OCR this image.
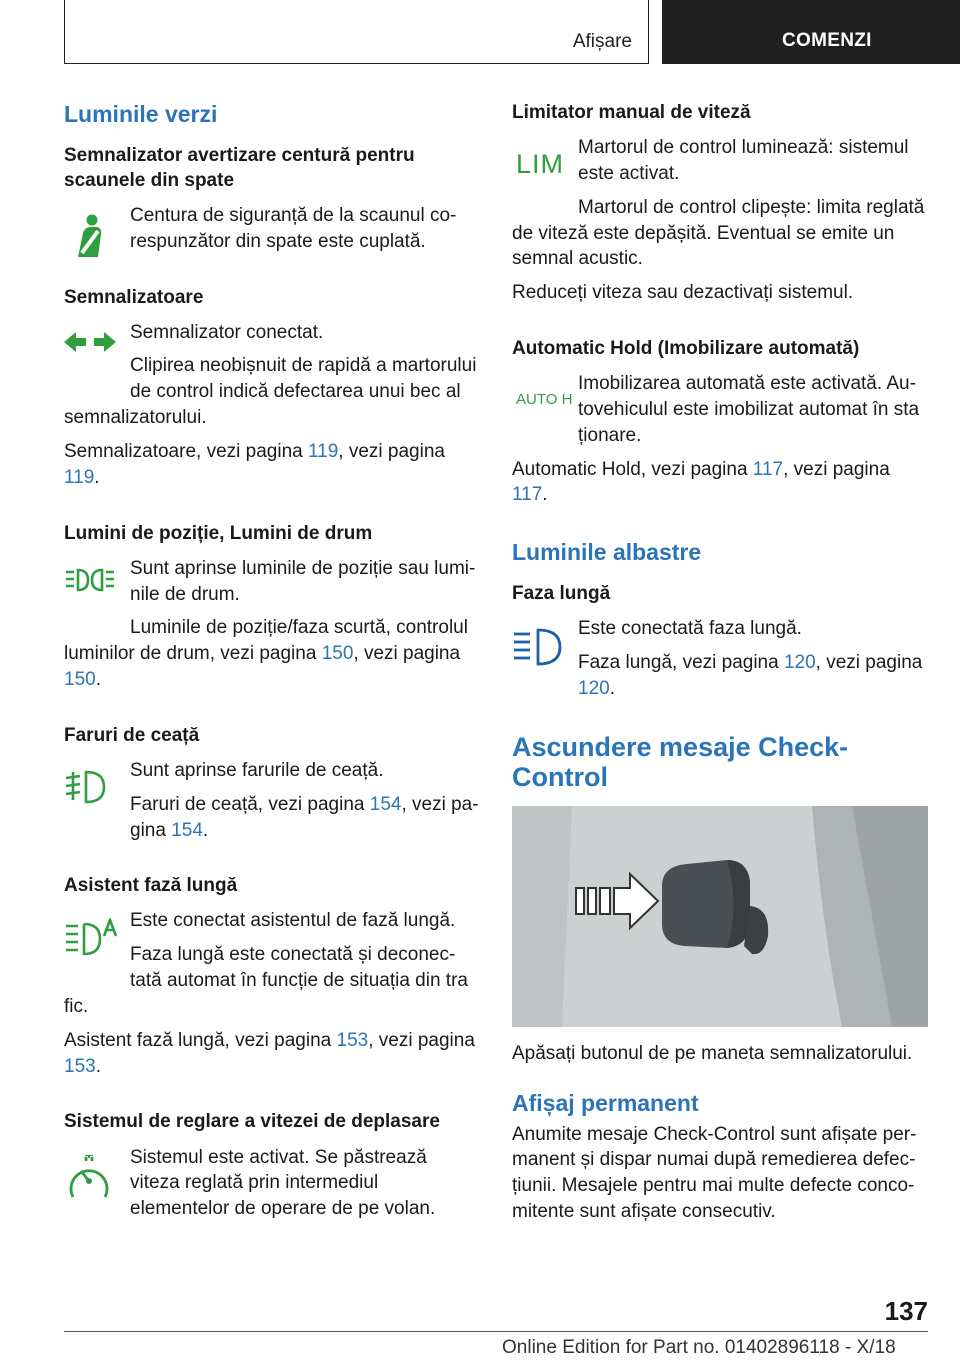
Afișare	COMENZI
Luminile verzi
Semnalizator avertizare centură pentru scaunele din spate
Centura de siguranță de la scaunul corespunzător din spate este cuplată.
Semnalizatoare
Semnalizator conectat.
Clipirea neobișnuit de rapidă a martorului de control indică defectarea unui bec al
semnalizatorului.
Semnalizatoare, vezi pagina 119, vezi pagina 119.
Lumini de poziție, Lumini de drum
Sunt aprinse luminile de poziție sau luminile de drum.
Luminile de poziție/faza scurtă, controlul
luminilor de drum, vezi pagina 150, vezi pagina 150.
Faruri de ceață
Sunt aprinse farurile de ceață.
Faruri de ceață, vezi pagina 154, vezi pagina 154.
Asistent fază lungă
Este conectat asistentul de fază lungă.
Faza lungă este conectată și deconectată automat în funcție de situația din tra
fic.
Asistent fază lungă, vezi pagina 153, vezi pagina 153.
Sistemul de reglare a vitezei de deplasare
Sistemul este activat. Se păstrează viteza reglată prin intermediul elementelor de operare de pe volan.
Limitator manual de viteză
LIM
Martorul de control luminează: sistemul este activat.
Martorul de control clipește: limita reglată
de viteză este depășită. Eventual se emite un semnal acustic.
Reduceți viteza sau dezactivați sistemul.
Automatic Hold (Imobilizare automată)
AUTO H
Imobilizarea automată este activată. Autovehiculul este imobilizat automat în sta
ționare.
Automatic Hold, vezi pagina 117, vezi pagina 117.
Luminile albastre
Faza lungă
Este conectată faza lungă.
Faza lungă, vezi pagina 120, vezi pagina 120.
Ascundere mesaje Check-Control
Apăsați butonul de pe maneta semnalizatorului.
Afișaj permanent
Anumite mesaje Check-Control sunt afișate permanent și dispar numai după remedierea defecțiunii. Mesajele pentru mai multe defecte concomitente sunt afișate consecutiv.
137
Online Edition for Part no. 01402896118 - X/18
